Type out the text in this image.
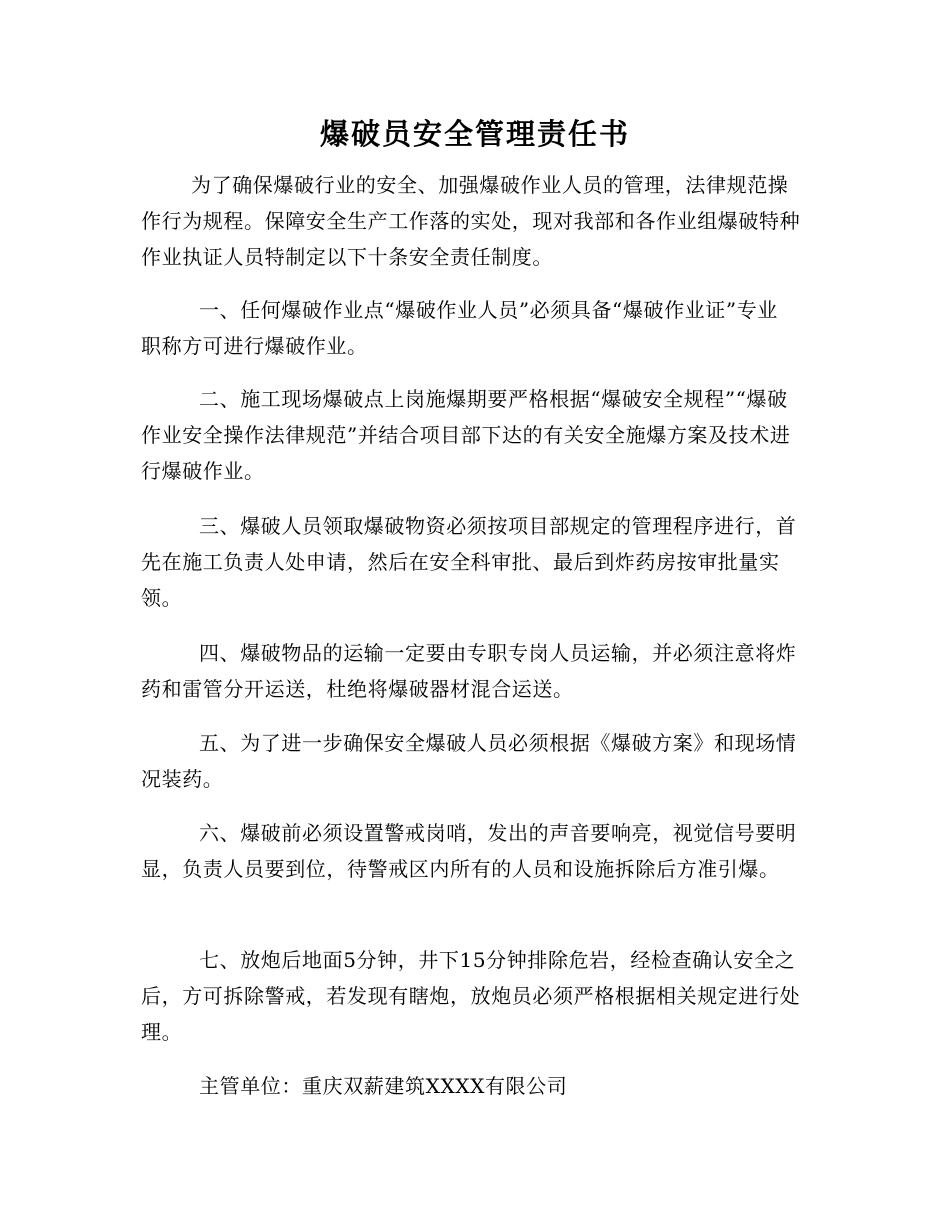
爆破员安全管理责任书
为了确保爆破行业的安全、加强爆破作业人员的管理，法律规范操作行为规程。保障安全生产工作落的实处，现对我部和各作业组爆破特种作业执证人员特制定以下十条安全责任制度。
一、任何爆破作业点“爆破作业人员”必须具备“爆破作业证”专业职称方可进行爆破作业。
二、施工现场爆破点上岗施爆期要严格根据“爆破安全规程”“爆破作业安全操作法律规范”并结合项目部下达的有关安全施爆方案及技术进行爆破作业。
三、爆破人员领取爆破物资必须按项目部规定的管理程序进行，首先在施工负责人处申请，然后在安全科审批、最后到炸药房按审批量实领。
四、爆破物品的运输一定要由专职专岗人员运输，并必须注意将炸药和雷管分开运送，杜绝将爆破器材混合运送。
五、为了进一步确保安全爆破人员必须根据《爆破方案》和现场情况装药。
六、爆破前必须设置警戒岗哨，发出的声音要响亮，视觉信号要明显，负责人员要到位，待警戒区内所有的人员和设施拆除后方准引爆。
七、放炮后地面5分钟，井下15分钟排除危岩，经检查确认安全之后，方可拆除警戒，若发现有瞎炮，放炮员必须严格根据相关规定进行处理。
主管单位：重庆双薪建筑XXXX有限公司
